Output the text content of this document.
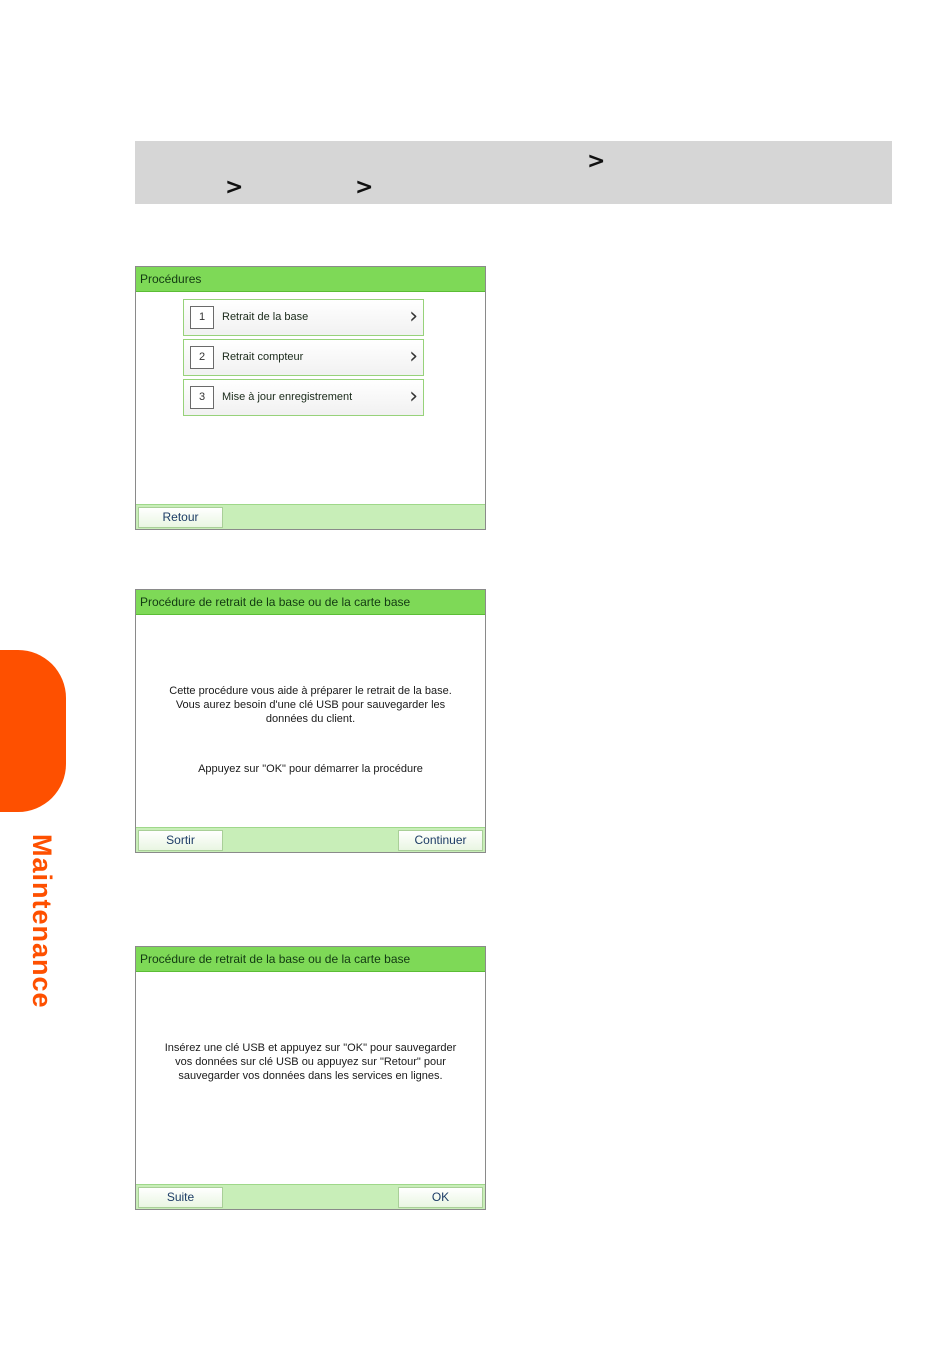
Maintenance
>
>	>
Procédures
1	Retrait de la base	›
2	Retrait compteur	›
3	Mise à jour enregistrement	›
Retour
Procédure de retrait de la base ou de la carte base
Cette procédure vous aide à préparer le retrait de la base.
Vous aurez besoin d'une clé USB pour sauvegarder les
données du client.
Appuyez sur "OK" pour démarrer la procédure
Sortir	Continuer
Procédure de retrait de la base ou de la carte base
Insérez une clé USB et appuyez sur "OK" pour sauvegarder
vos données sur clé USB ou appuyez sur "Retour" pour
sauvegarder vos données dans les services en lignes.
Suite	OK
